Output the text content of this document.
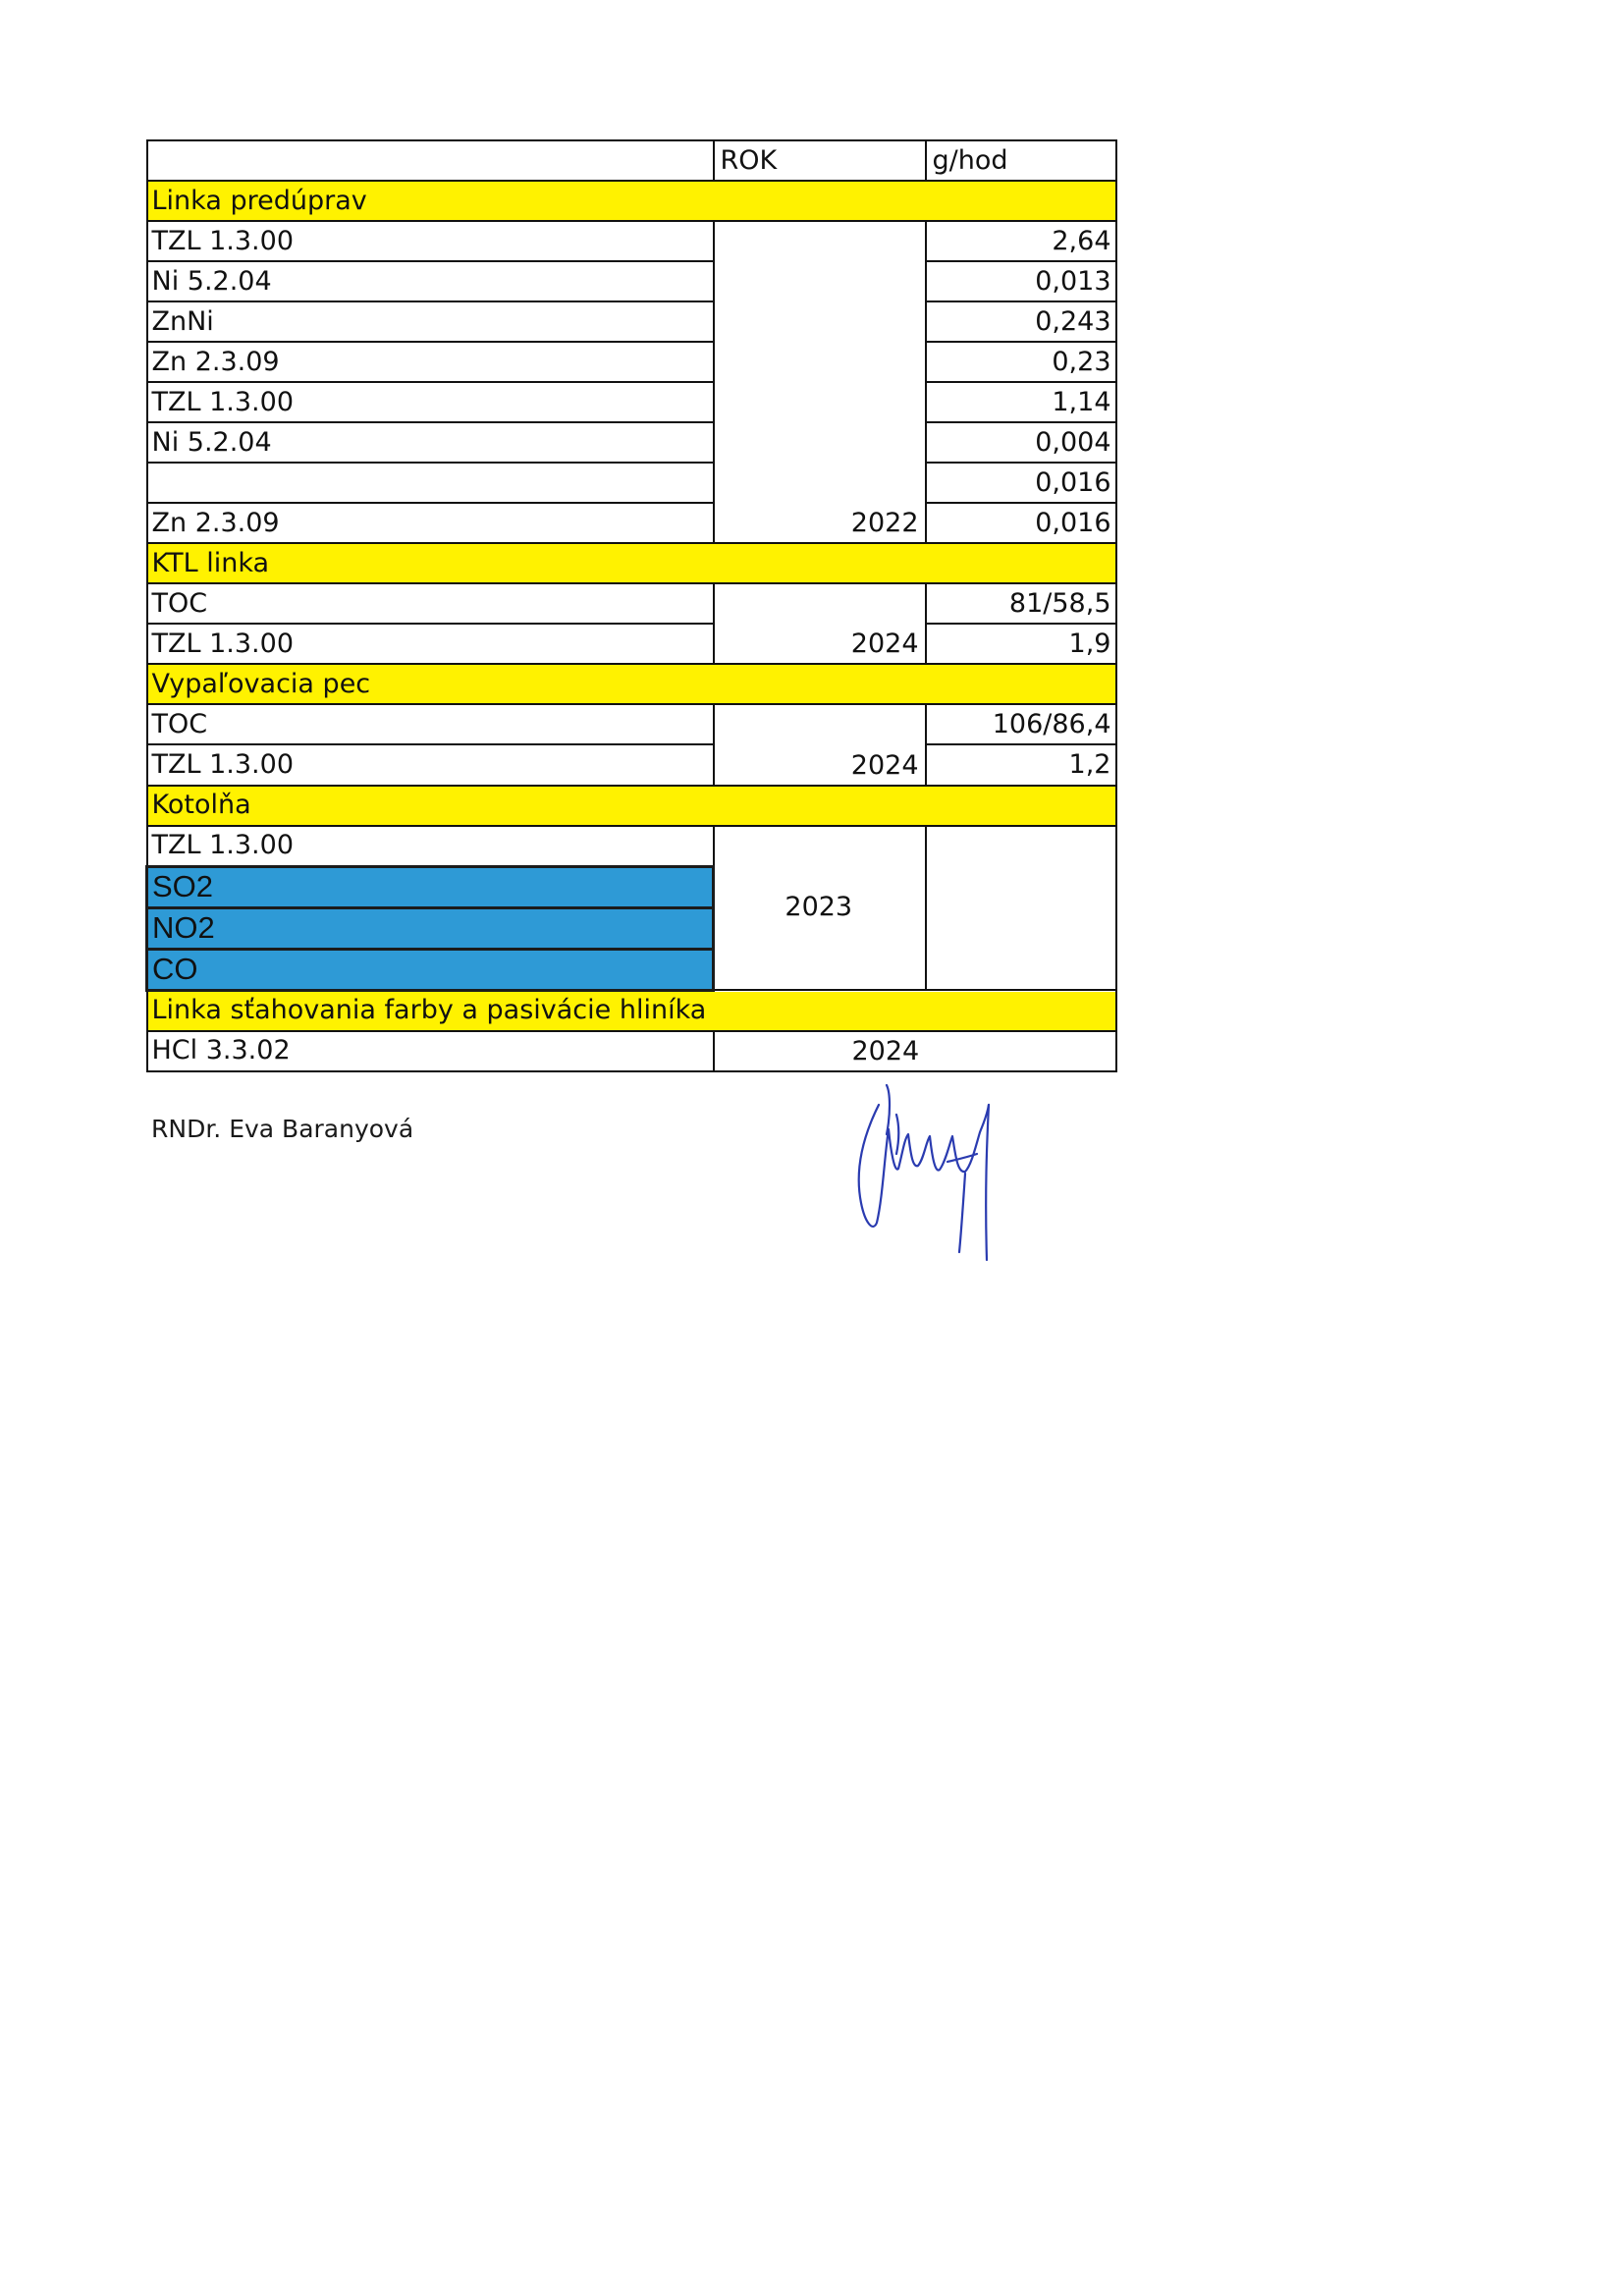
	ROK	g/hod
Linka predúprav		
TZL 1.3.00	2022	2,64
Ni 5.2.04		0,013
ZnNi		0,243
Zn 2.3.09		0,23
TZL 1.3.00		1,14
Ni 5.2.04		0,004
		0,016
Zn 2.3.09		0,016
KTL linka		
TOC	2024	81/58,5
TZL 1.3.00		1,9
Vypaľovacia pec		
TOC	2024	106/86,4
TZL 1.3.00		1,2
Kotolňa		
TZL 1.3.00	2023	
SO2		
NO2		
CO		
Linka sťahovania farby a pasivácie hliníka		
HCl 3.3.02	2024	
RNDr. Eva Baranyová
